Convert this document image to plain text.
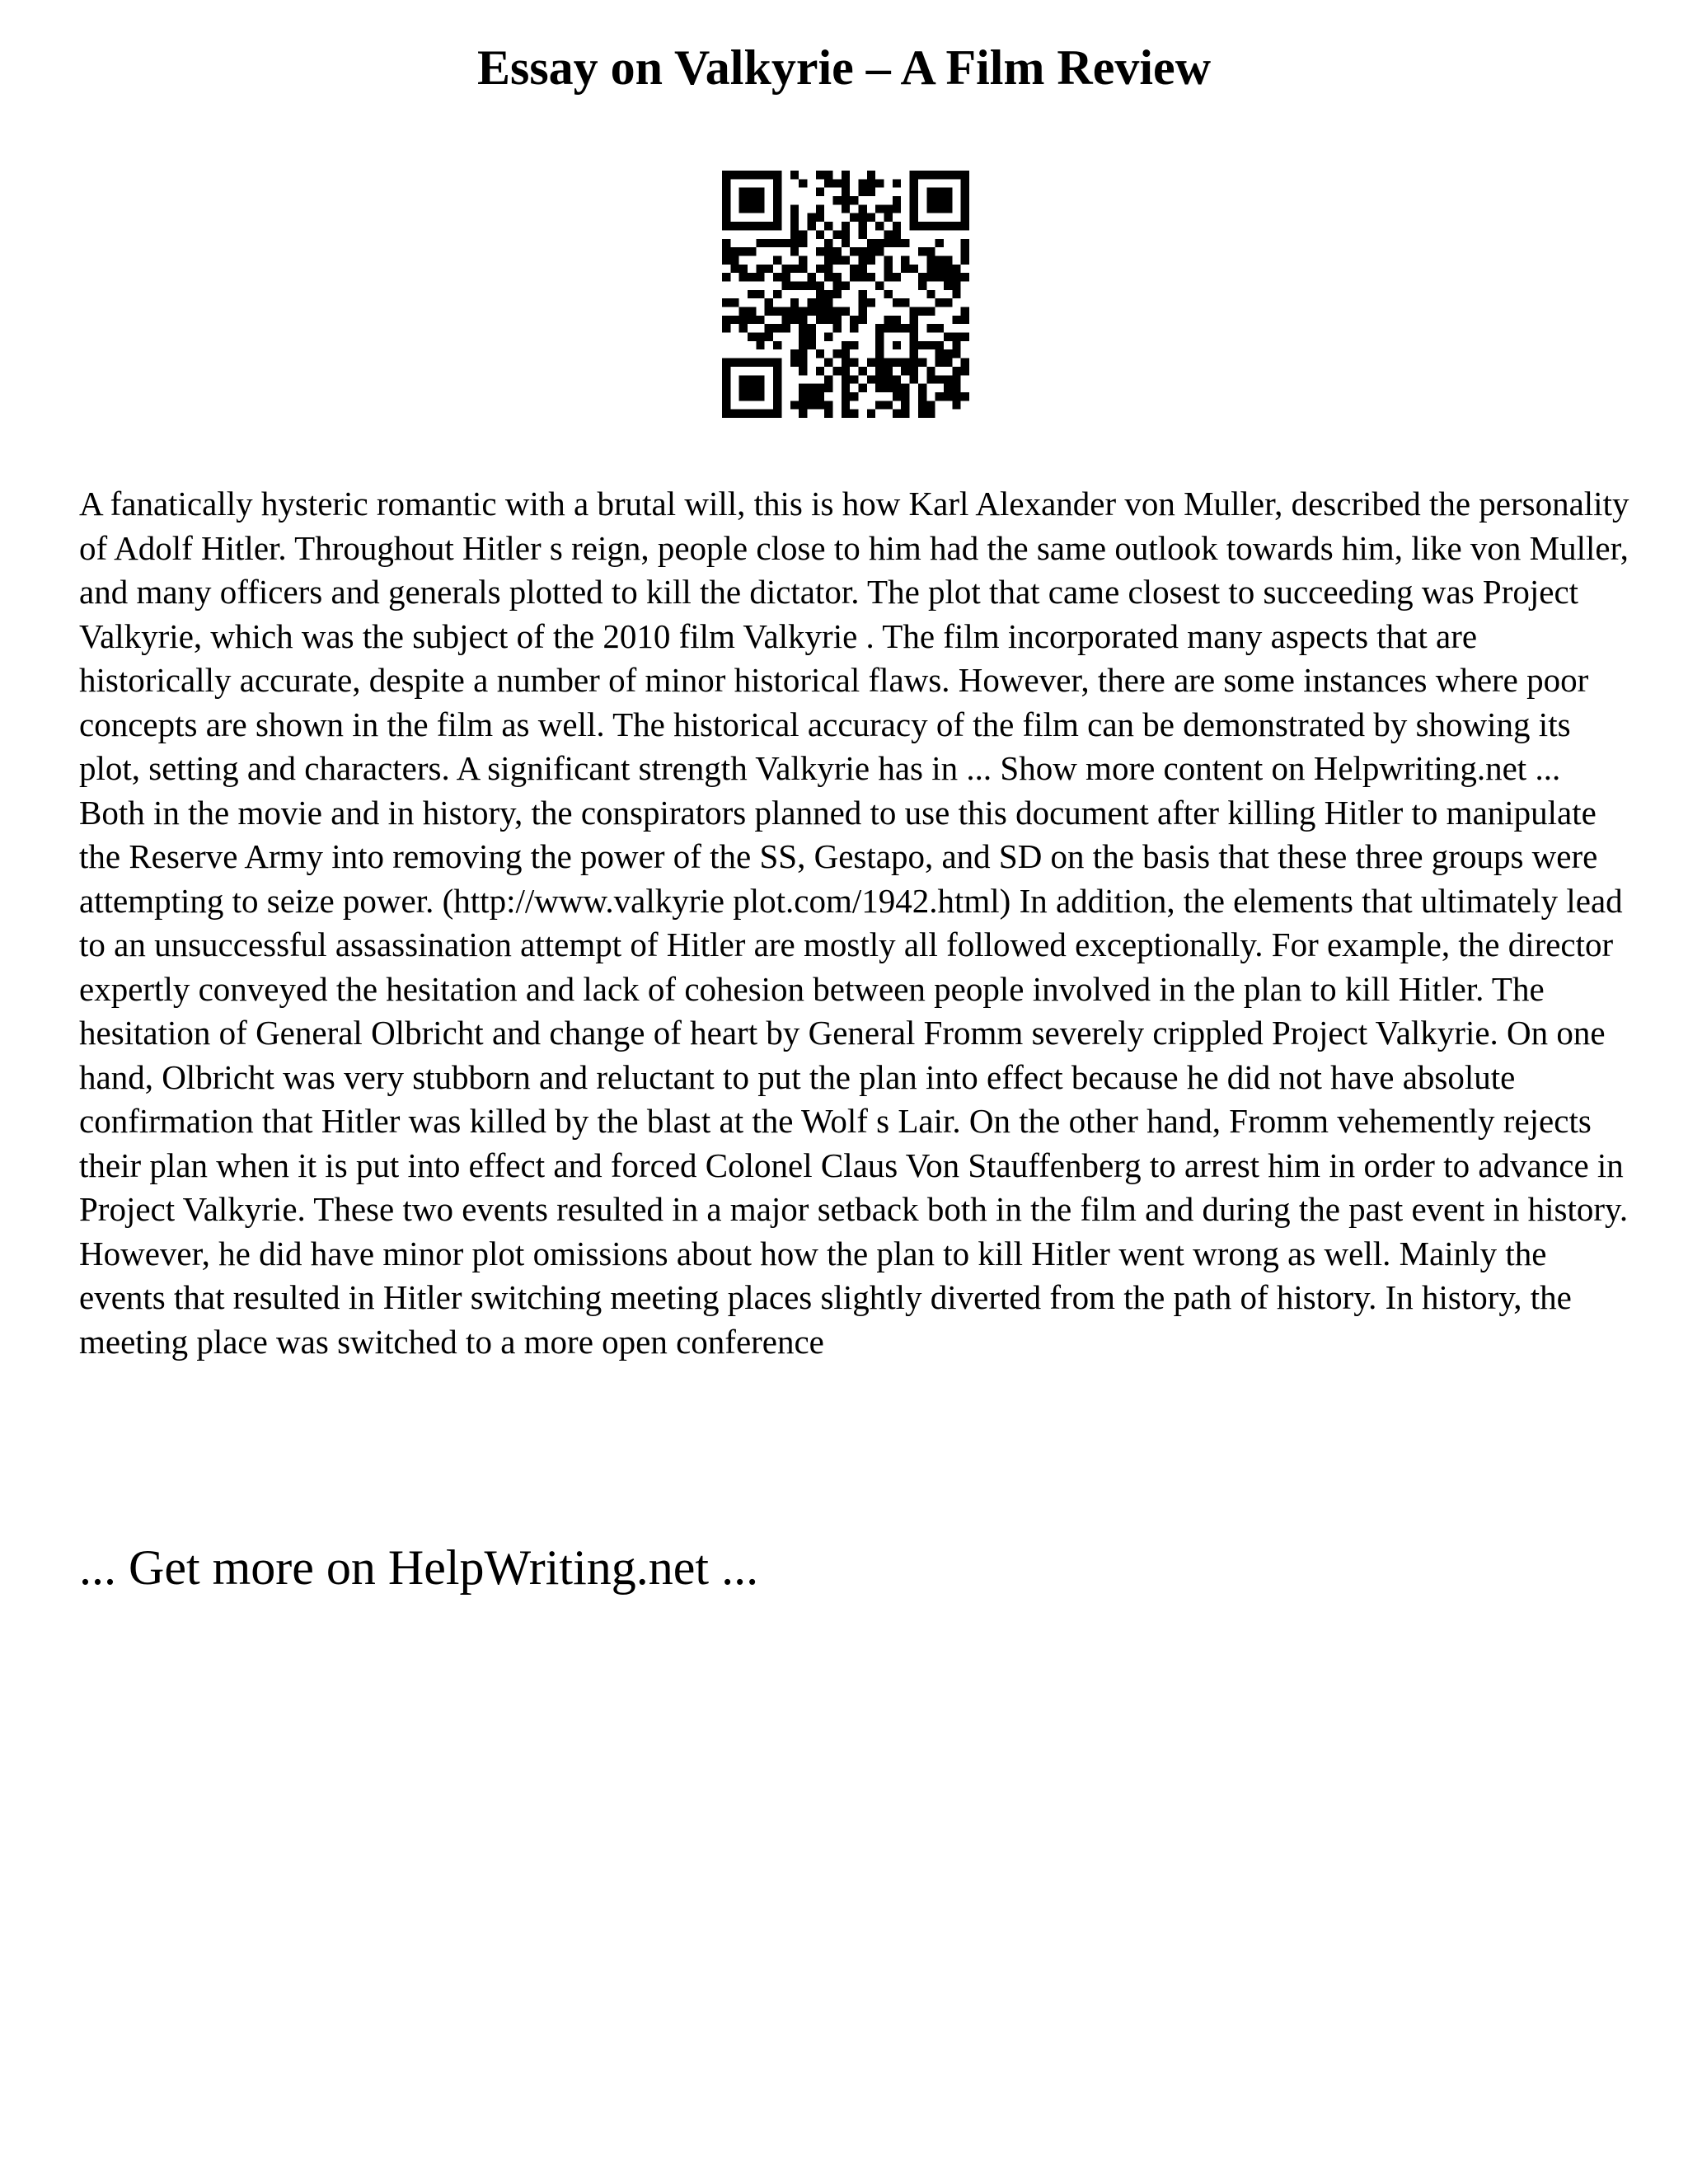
Essay on Valkyrie – A Film Review

A fanatically hysteric romantic with a brutal will, this is how Karl Alexander von Muller, described the personality of Adolf Hitler. Throughout Hitler s reign, people close to him had the same outlook towards him, like von Muller, and many officers and generals plotted to kill the dictator. The plot that came closest to succeeding was Project Valkyrie, which was the subject of the 2010 film Valkyrie . The film incorporated many aspects that are historically accurate, despite a number of minor historical flaws. However, there are some instances where poor concepts are shown in the film as well. The historical accuracy of the film can be demonstrated by showing its plot, setting and characters. A significant strength Valkyrie has in ... Show more content on Helpwriting.net ...

Both in the movie and in history, the conspirators planned to use this document after killing Hitler to manipulate the Reserve Army into removing the power of the SS, Gestapo, and SD on the basis that these three groups were attempting to seize power. (http://www.valkyrie plot.com/1942.html) In addition, the elements that ultimately lead to an unsuccessful assassination attempt of Hitler are mostly all followed exceptionally. For example, the director expertly conveyed the hesitation and lack of cohesion between people involved in the plan to kill Hitler. The hesitation of General Olbricht and change of heart by General Fromm severely crippled Project Valkyrie. On one hand, Olbricht was very stubborn and reluctant to put the plan into effect because he did not have absolute confirmation that Hitler was killed by the blast at the Wolf s Lair. On the other hand, Fromm vehemently rejects their plan when it is put into effect and forced Colonel Claus Von Stauffenberg to arrest him in order to advance in Project Valkyrie. These two events resulted in a major setback both in the film and during the past event in history. However, he did have minor plot omissions about how the plan to kill Hitler went wrong as well. Mainly the events that resulted in Hitler switching meeting places slightly diverted from the path of history. In history, the meeting place was switched to a more open conference

... Get more on HelpWriting.net ...
